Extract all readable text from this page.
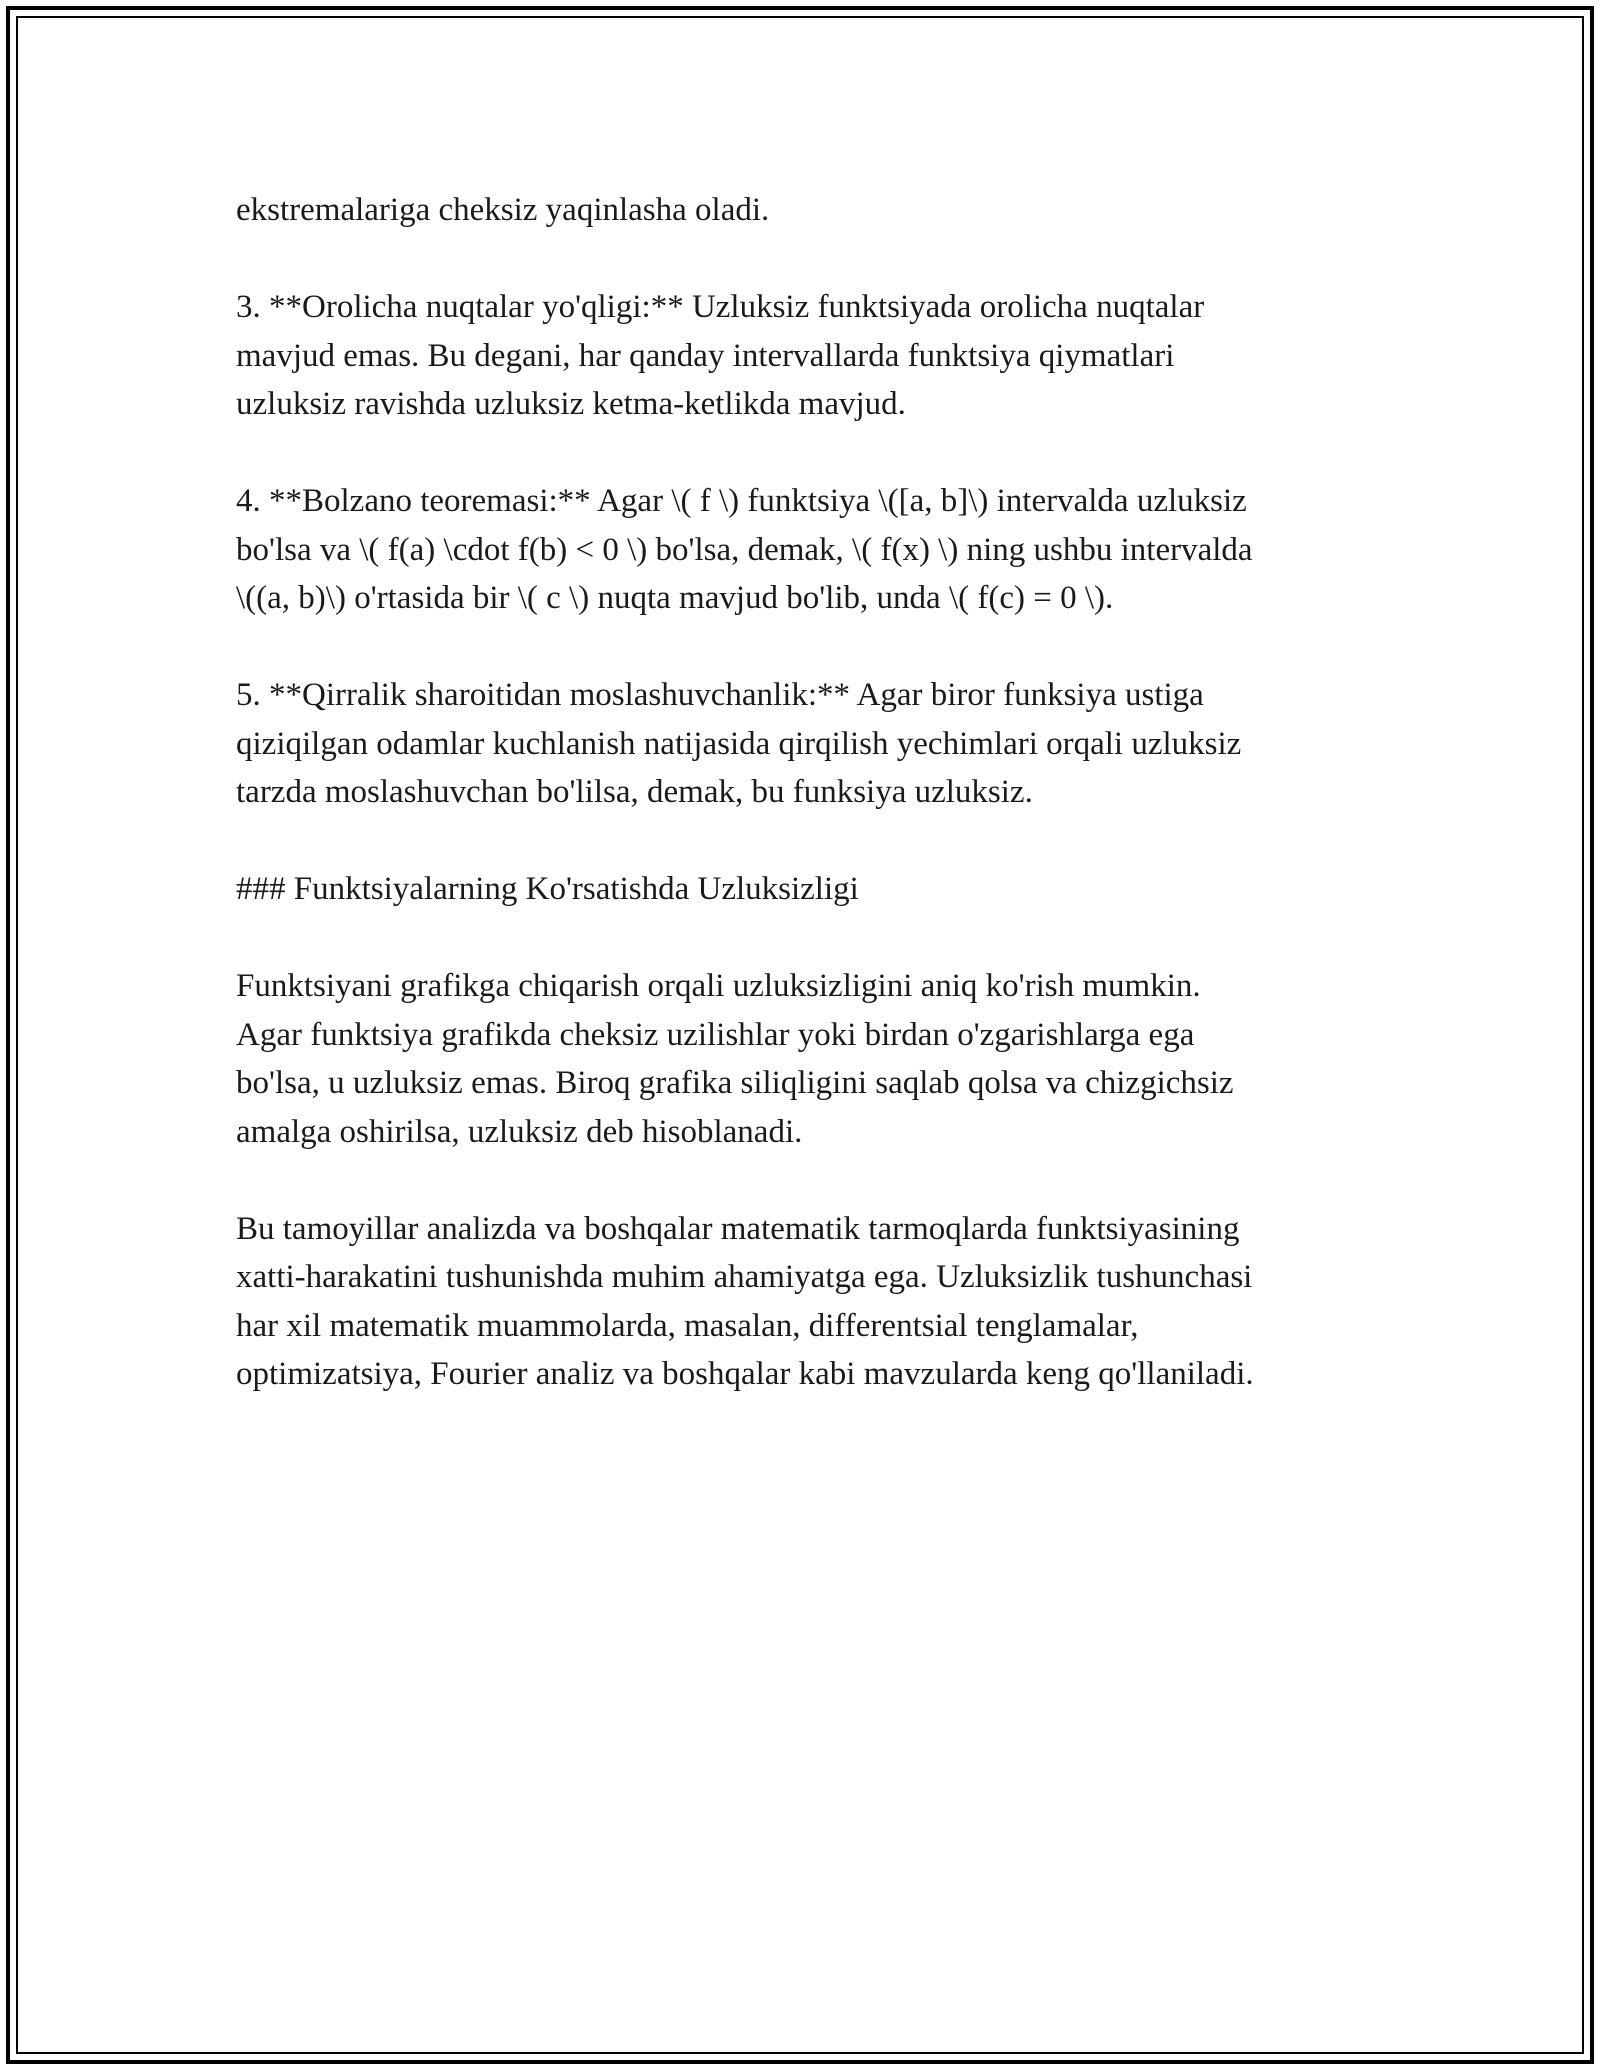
ekstremalariga cheksiz yaqinlasha oladi.

3. **Orolicha nuqtalar yo'qligi:** Uzluksiz funktsiyada orolicha nuqtalar
mavjud emas. Bu degani, har qanday intervallarda funktsiya qiymatlari
uzluksiz ravishda uzluksiz ketma-ketlikda mavjud.

4. **Bolzano teoremasi:** Agar \( f \) funktsiya \([a, b]\) intervalda uzluksiz
bo'lsa va \( f(a) \cdot f(b) < 0 \) bo'lsa, demak, \( f(x) \) ning ushbu intervalda
\((a, b)\) o'rtasida bir \( c \) nuqta mavjud bo'lib, unda \( f(c) = 0 \).

5. **Qirralik sharoitidan moslashuvchanlik:** Agar biror funksiya ustiga
qiziqilgan odamlar kuchlanish natijasida qirqilish yechimlari orqali uzluksiz
tarzda moslashuvchan bo'lilsa, demak, bu funksiya uzluksiz.

### Funktsiyalarning Ko'rsatishda Uzluksizligi

Funktsiyani grafikga chiqarish orqali uzluksizligini aniq ko'rish mumkin.
Agar funktsiya grafikda cheksiz uzilishlar yoki birdan o'zgarishlarga ega
bo'lsa, u uzluksiz emas. Biroq grafika siliqligini saqlab qolsa va chizgichsiz
amalga oshirilsa, uzluksiz deb hisoblanadi.

Bu tamoyillar analizda va boshqalar matematik tarmoqlarda funktsiyasining
xatti-harakatini tushunishda muhim ahamiyatga ega. Uzluksizlik tushunchasi
har xil matematik muammolarda, masalan, differentsial tenglamalar,
optimizatsiya, Fourier analiz va boshqalar kabi mavzularda keng qo'llaniladi.
